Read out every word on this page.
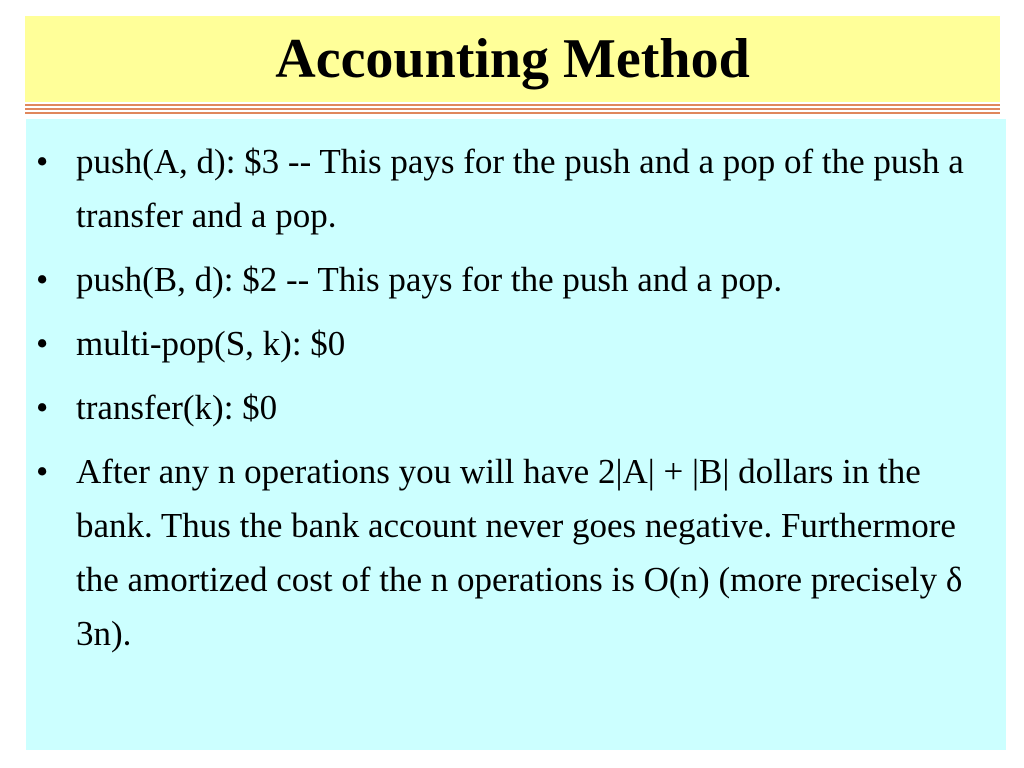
Accounting Method
• push(A, d): $3 -- This pays for the push and a pop of the push a transfer and a pop.
• push(B, d): $2 -- This pays for the push and a pop.
• multi-pop(S, k): $0
• transfer(k): $0
• After any n operations you will have 2|A| + |B| dollars in the bank. Thus the bank account never goes negative. Furthermore the amortized cost of the n operations is O(n) (more precisely δ 3n).
